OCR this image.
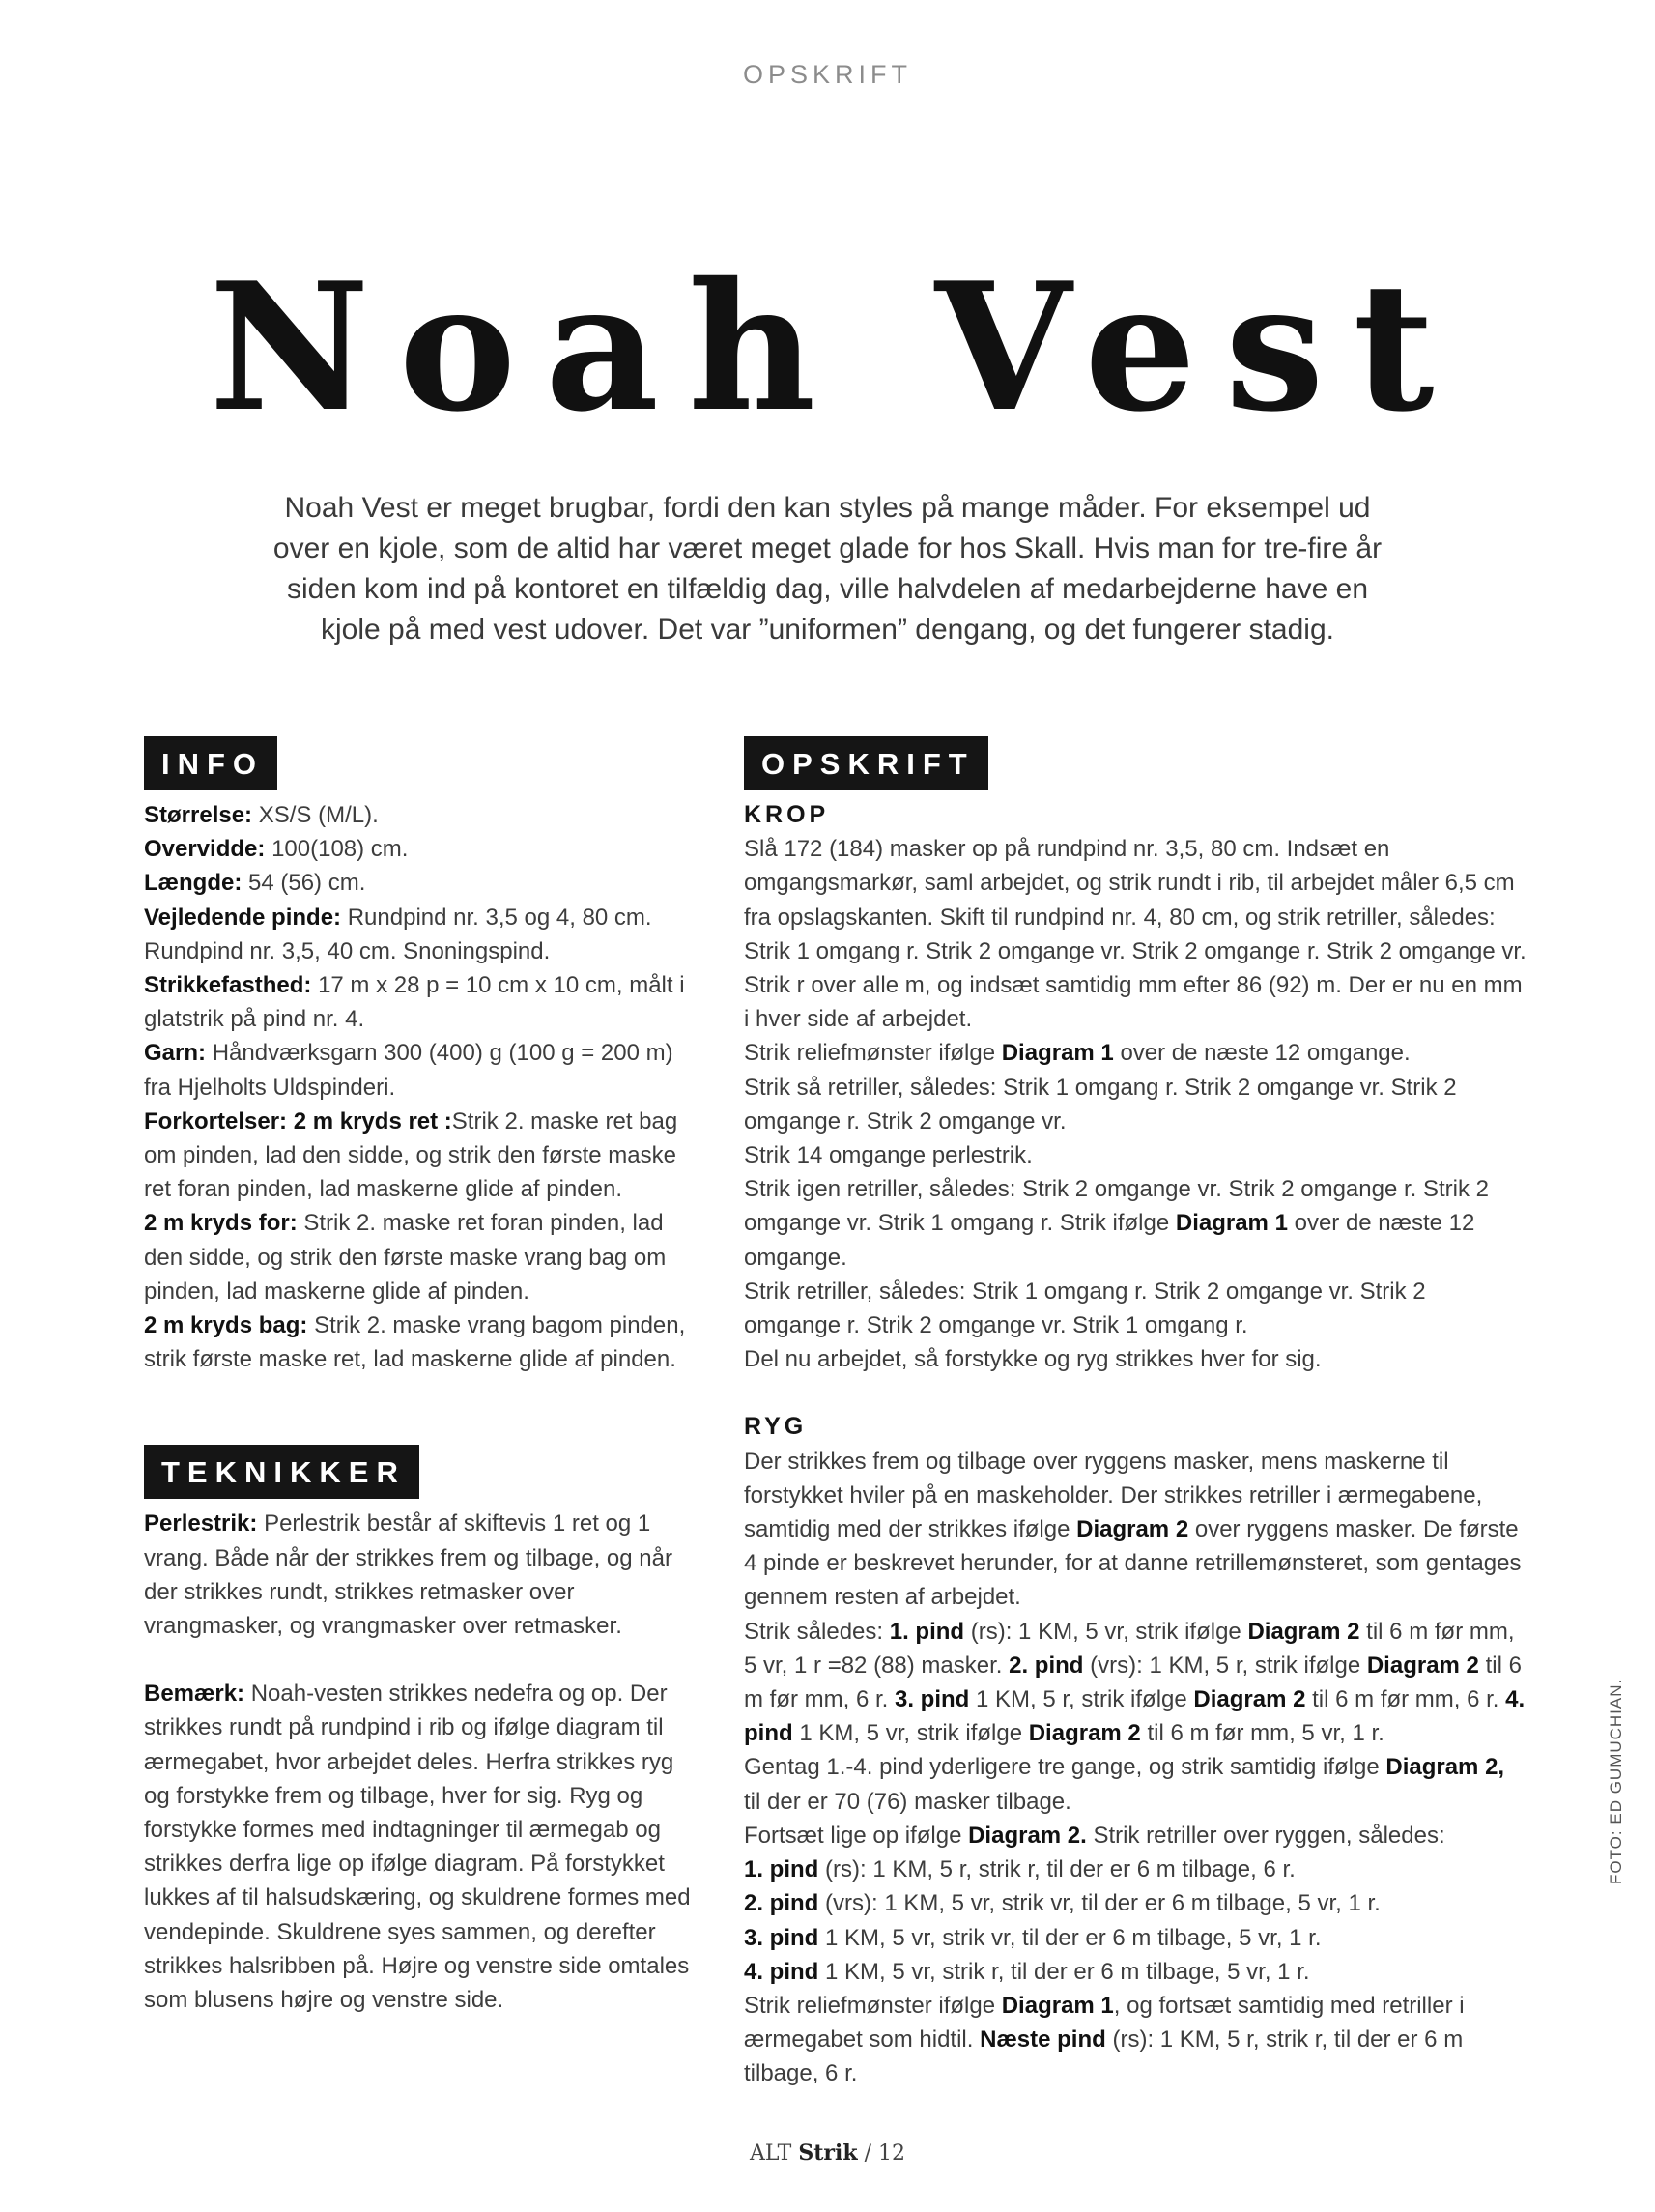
OPSKRIFT
Noah Vest

Noah Vest er meget brugbar, fordi den kan styles på mange måder. For eksempel ud over en kjole, som de altid har været meget glade for hos Skall. Hvis man for tre-fire år siden kom ind på kontoret en tilfældig dag, ville halvdelen af medarbejderne have en kjole på med vest udover. Det var ”uniformen” dengang, og det fungerer stadig.

INFO

Størrelse: XS/S (M/L).

Overvidde: 100(108) cm.

Længde: 54 (56) cm.

Vejledende pinde: Rundpind nr. 3,5 og 4, 80 cm. Rundpind nr. 3,5, 40 cm. Snoningspind.

Strikkefasthed: 17 m x 28 p = 10 cm x 10 cm, målt i glatstrik på pind nr. 4.

Garn: Håndværksgarn 300 (400) g (100 g = 200 m) fra Hjelholts Uldspinderi.

Forkortelser: 2 m kryds ret :Strik 2. maske ret bag om pinden, lad den sidde, og strik den første maske ret foran pinden, lad maskerne glide af pinden.

2 m kryds for: Strik 2. maske ret foran pinden, lad den sidde, og strik den første maske vrang bag om pinden, lad maskerne glide af pinden.

2 m kryds bag: Strik 2. maske vrang bagom pinden, strik første maske ret, lad maskerne glide af pinden.

TEKNIKKER

Perlestrik: Perlestrik består af skiftevis 1 ret og 1 vrang. Både når der strikkes frem og tilbage, og når der strikkes rundt, strikkes retmasker over vrangmasker, og vrangmasker over retmasker.

Bemærk: Noah-vesten strikkes nedefra og op. Der strikkes rundt på rundpind i rib og ifølge diagram til ærmegabet, hvor arbejdet deles. Herfra strikkes ryg og forstykke frem og tilbage, hver for sig. Ryg og forstykke formes med indtagninger til ærmegab og strikkes derfra lige op ifølge diagram. På forstykket lukkes af til halsudskæring, og skuldrene formes med vendepinde. Skuldrene syes sammen, og derefter strikkes halsribben på. Højre og venstre side omtales som blusens højre og venstre side.

OPSKRIFT

KROP

Slå 172 (184) masker op på rundpind nr. 3,5, 80 cm. Indsæt en omgangsmarkør, saml arbejdet, og strik rundt i rib, til arbejdet måler 6,5 cm fra opslagskanten. Skift til rundpind nr. 4, 80 cm, og strik retriller, således: Strik 1 omgang r. Strik 2 omgange vr. Strik 2 omgange r. Strik 2 omgange vr. Strik r over alle m, og indsæt samtidig mm efter 86 (92) m. Der er nu en mm i hver side af arbejdet.

Strik reliefmønster ifølge Diagram 1 over de næste 12 omgange.

Strik så retriller, således: Strik 1 omgang r. Strik 2 omgange vr. Strik 2 omgange r. Strik 2 omgange vr.

Strik 14 omgange perlestrik.

Strik igen retriller, således: Strik 2 omgange vr. Strik 2 omgange r. Strik 2 omgange vr. Strik 1 omgang r. Strik ifølge Diagram 1 over de næste 12 omgange.

Strik retriller, således: Strik 1 omgang r. Strik 2 omgange vr. Strik 2 omgange r. Strik 2 omgange vr. Strik 1 omgang r.

Del nu arbejdet, så forstykke og ryg strikkes hver for sig.

RYG

Der strikkes frem og tilbage over ryggens masker, mens maskerne til forstykket hviler på en maskeholder. Der strikkes retriller i ærmegabene, samtidig med der strikkes ifølge Diagram 2 over ryggens masker. De første 4 pinde er beskrevet herunder, for at danne retrillemønsteret, som gentages gennem resten af arbejdet.

Strik således: 1. pind (rs): 1 KM, 5 vr, strik ifølge Diagram 2 til 6 m før mm, 5 vr, 1 r =82 (88) masker. 2. pind (vrs): 1 KM, 5 r, strik ifølge Diagram 2 til 6 m før mm, 6 r. 3. pind 1 KM, 5 r, strik ifølge Diagram 2 til 6 m før mm, 6 r. 4. pind 1 KM, 5 vr, strik ifølge Diagram 2 til 6 m før mm, 5 vr, 1 r.

Gentag 1.-4. pind yderligere tre gange, og strik samtidig ifølge Diagram 2, til der er 70 (76) masker tilbage.

Fortsæt lige op ifølge Diagram 2. Strik retriller over ryggen, således:

1. pind (rs): 1 KM, 5 r, strik r, til der er 6 m tilbage, 6 r.

2. pind (vrs): 1 KM, 5 vr, strik vr, til der er 6 m tilbage, 5 vr, 1 r.

3. pind 1 KM, 5 vr, strik vr, til der er 6 m tilbage, 5 vr, 1 r.

4. pind 1 KM, 5 vr, strik r, til der er 6 m tilbage, 5 vr, 1 r.

Strik reliefmønster ifølge Diagram 1, og fortsæt samtidig med retriller i ærmegabet som hidtil. Næste pind (rs): 1 KM, 5 r, strik r, til der er 6 m tilbage, 6 r.

FOTO: ED GUMUCHIAN.
ALT Strik / 12
